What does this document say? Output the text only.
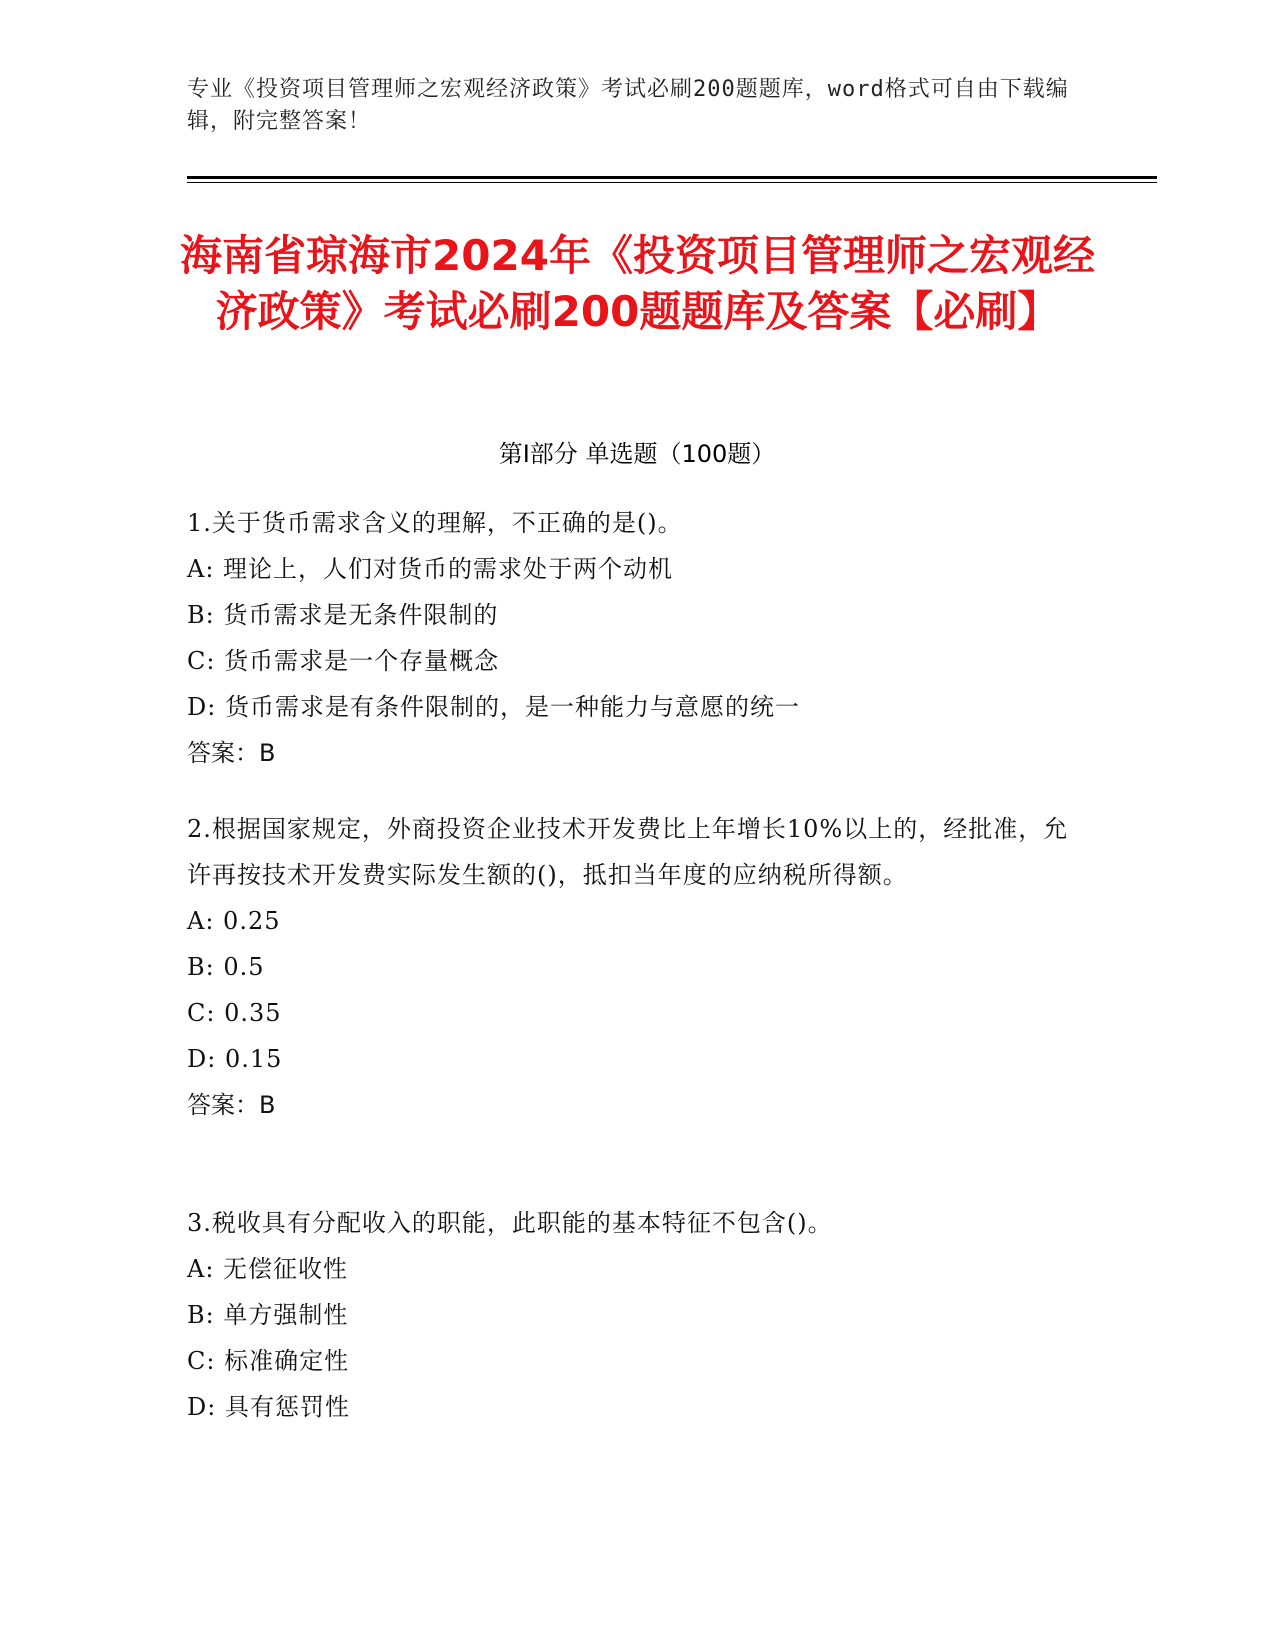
专业《投资项目管理师之宏观经济政策》考试必刷200题题库，word格式可自由下载编辑，附完整答案！
海南省琼海市2024年《投资项目管理师之宏观经济政策》考试必刷200题题库及答案【必刷】
第I部分 单选题（100题）
1.关于货币需求含义的理解，不正确的是()。
A: 理论上，人们对货币的需求处于两个动机
B: 货币需求是无条件限制的
C: 货币需求是一个存量概念
D: 货币需求是有条件限制的，是一种能力与意愿的统一
答案：B
2.根据国家规定，外商投资企业技术开发费比上年增长10%以上的，经批准，允许再按技术开发费实际发生额的()，抵扣当年度的应纳税所得额。
A: 0.25
B: 0.5
C: 0.35
D: 0.15
答案：B
3.税收具有分配收入的职能，此职能的基本特征不包含()。
A: 无偿征收性
B: 单方强制性
C: 标准确定性
D: 具有惩罚性
